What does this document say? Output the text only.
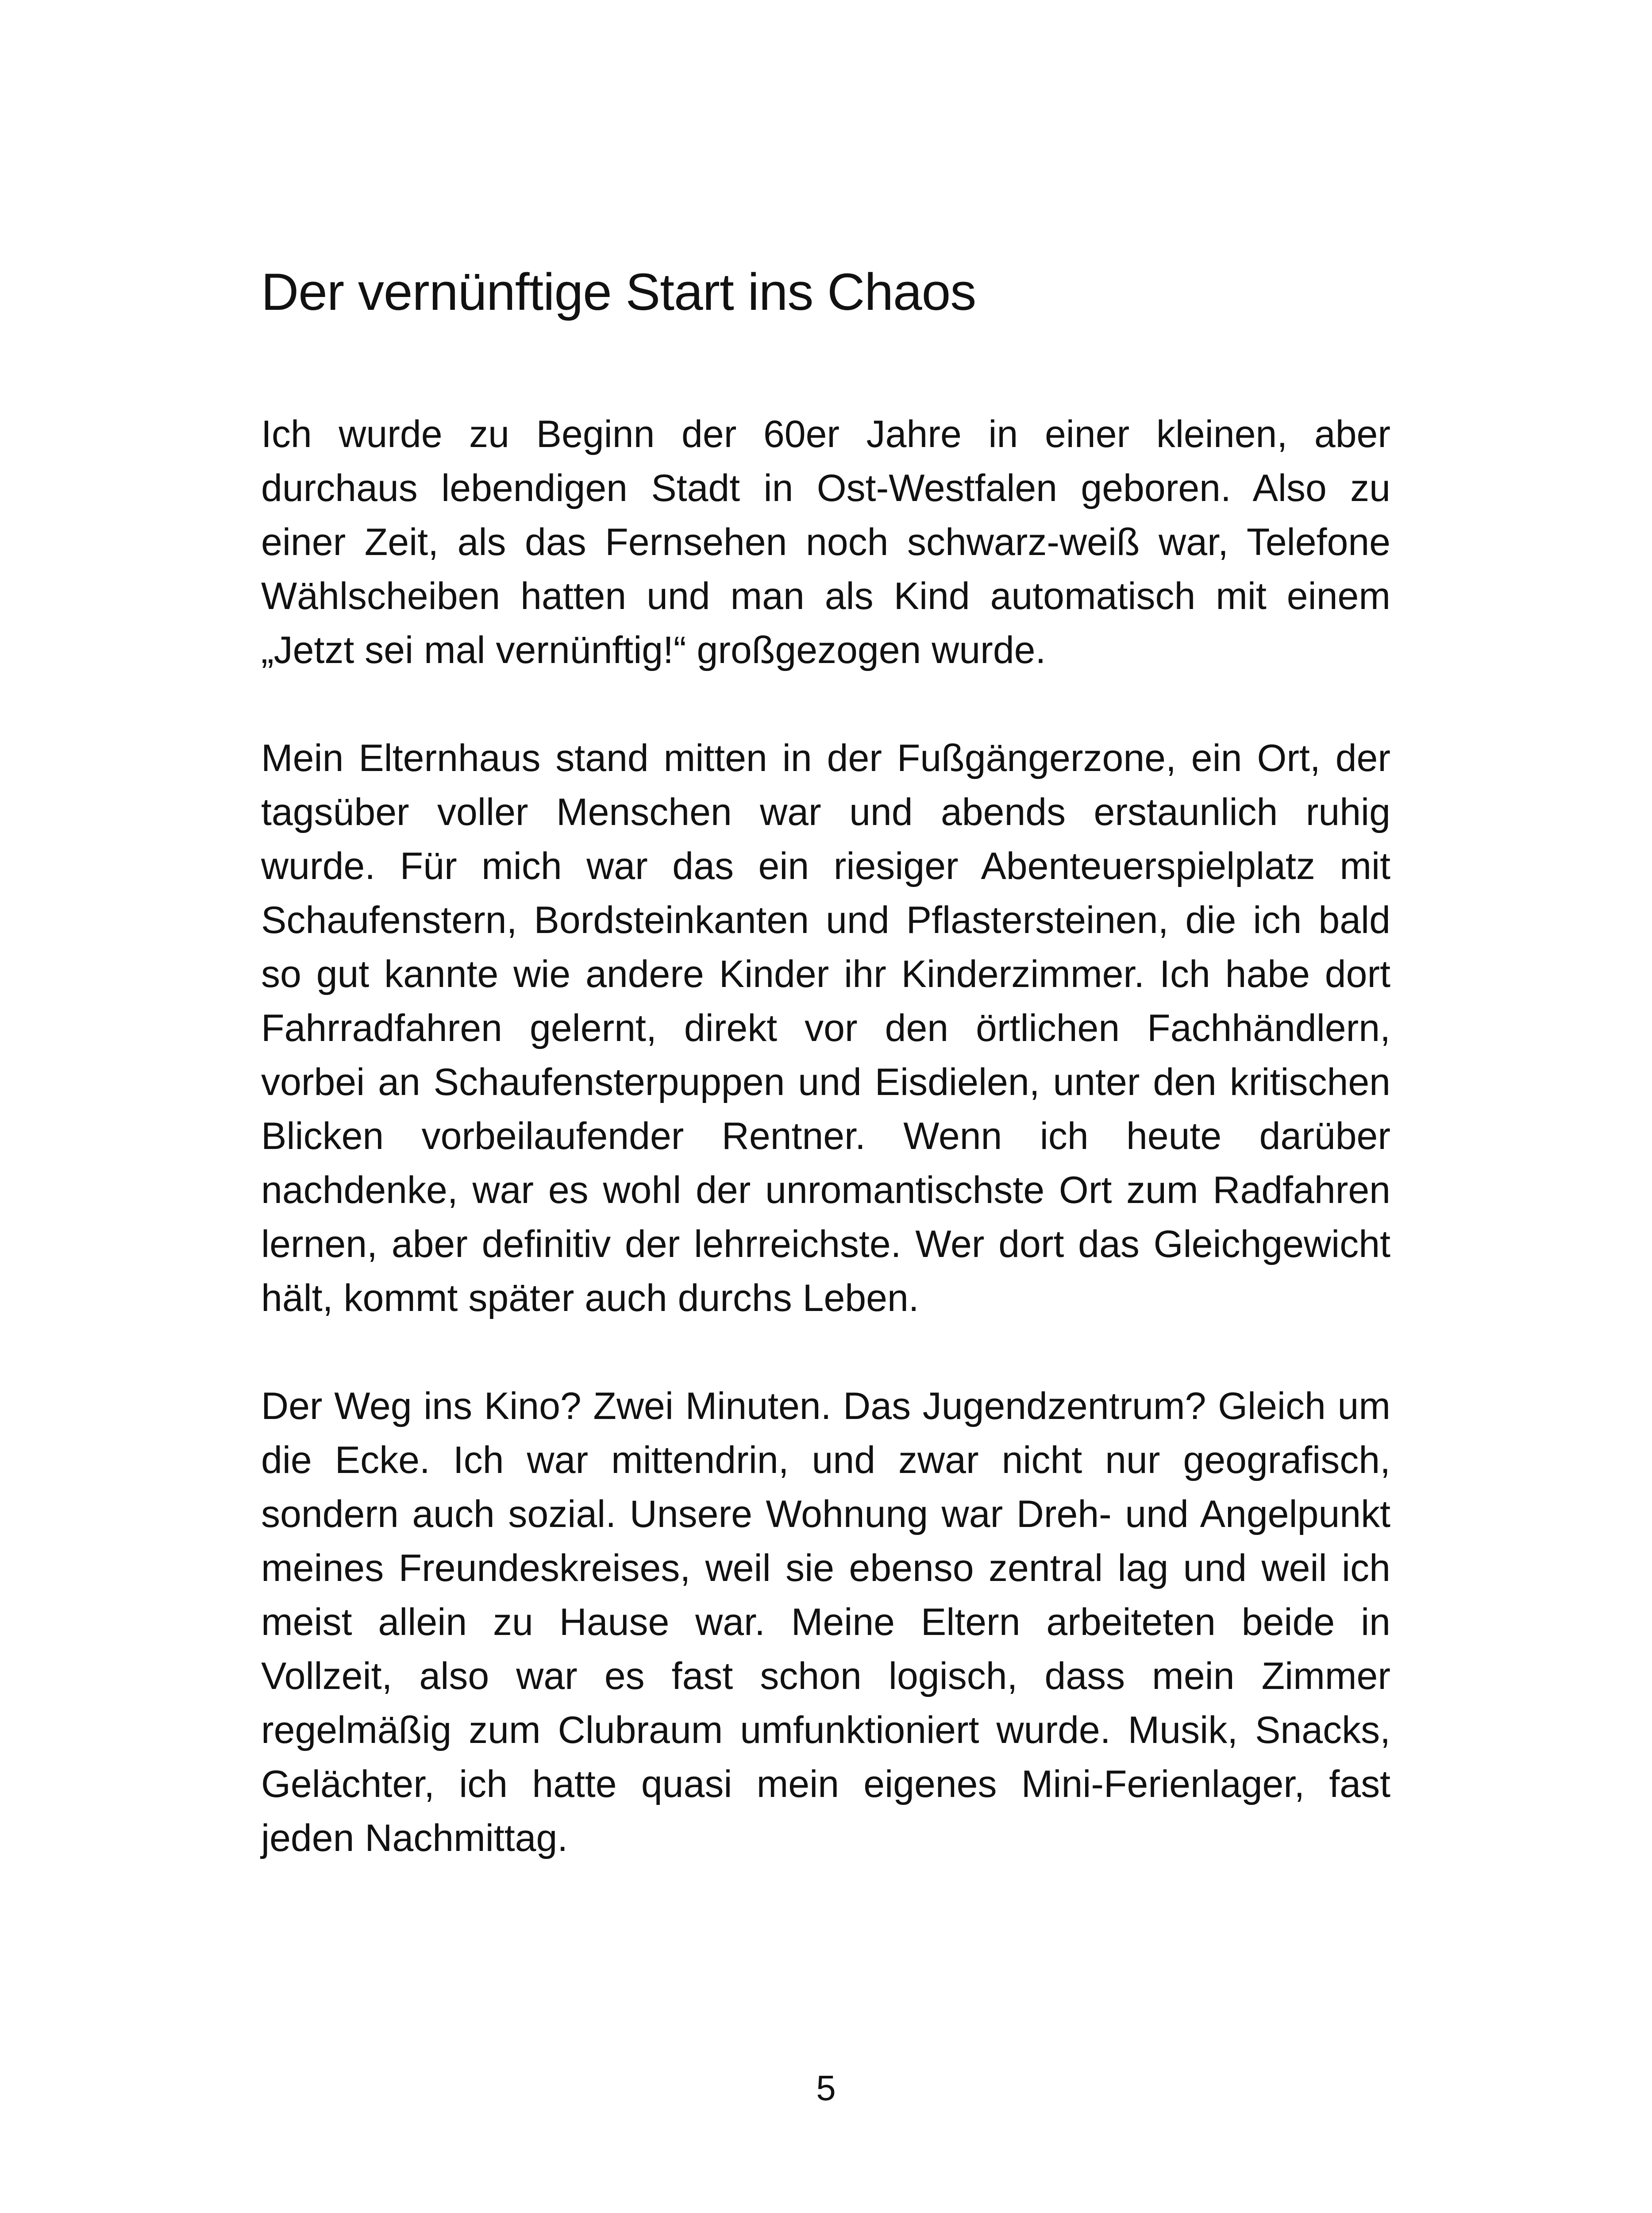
Der vernünftige Start ins Chaos

Ich wurde zu Beginn der 60er Jahre in einer kleinen, aber durchaus lebendigen Stadt in Ost-Westfalen geboren. Also zu einer Zeit, als das Fernsehen noch schwarz-weiß war, Telefone Wählscheiben hatten und man als Kind automatisch mit einem „Jetzt sei mal vernünftig!“ großgezogen wurde.

Mein Elternhaus stand mitten in der Fußgängerzone, ein Ort, der tagsüber voller Menschen war und abends erstaunlich ruhig wurde. Für mich war das ein riesiger Abenteuerspielplatz mit Schaufenstern, Bordsteinkanten und Pflastersteinen, die ich bald so gut kannte wie andere Kinder ihr Kinderzimmer. Ich habe dort Fahrradfahren gelernt, direkt vor den örtlichen Fachhändlern, vorbei an Schaufensterpuppen und Eisdielen, unter den kritischen Blicken vorbeilaufender Rentner. Wenn ich heute darüber nachdenke, war es wohl der unromantischste Ort zum Radfahren lernen, aber definitiv der lehrreichste. Wer dort das Gleichgewicht hält, kommt später auch durchs Leben.

Der Weg ins Kino? Zwei Minuten. Das Jugendzentrum? Gleich um die Ecke. Ich war mittendrin, und zwar nicht nur geografisch, sondern auch sozial. Unsere Wohnung war Dreh- und Angelpunkt meines Freundeskreises, weil sie ebenso zentral lag und weil ich meist allein zu Hause war. Meine Eltern arbeiteten beide in Vollzeit, also war es fast schon logisch, dass mein Zimmer regelmäßig zum Clubraum umfunktioniert wurde. Musik, Snacks, Gelächter, ich hatte quasi mein eigenes Mini-Ferienlager, fast jeden Nachmittag.

5
